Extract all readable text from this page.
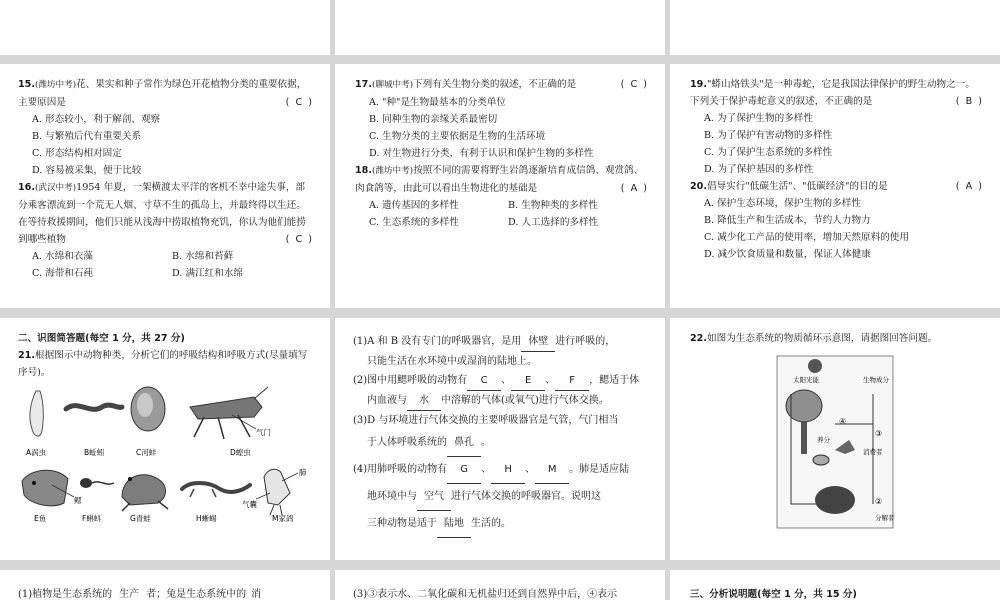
15.(潍坊中考)花、果实和种子常作为绿色开花植物分类的重要依据，主要原因是	(  C  )

A. 形态较小，利于解剖、观察
B. 与繁殖后代有重要关系
C. 形态结构相对固定
D. 容易被采集，便于比较

16.(武汉中考)1954 年夏，一架横渡太平洋的客机不幸中途失事，部分乘客漂流到一个荒无人烟、寸草不生的孤岛上，并最终得以生还。在等待救援期间，他们只能从浅海中捞取植物充饥，你认为他们能捞到哪些植物	(  C  )

A. 水绵和衣藻	B. 水绵和苔藓
C. 海带和石莼	D. 满江红和水绵

17.(聊城中考)下列有关生物分类的叙述，不正确的是	(  C  )

A. "种"是生物最基本的分类单位
B. 同种生物的亲缘关系最密切
C. 生物分类的主要依据是生物的生活环境
D. 对生物进行分类，有利于认识和保护生物的多样性

18.(潍坊中考)按照不同的需要将野生岩鸽逐渐培育成信鸽、观赏鸽、肉食鸽等，由此可以看出生物进化的基础是	(  A  )

A. 遗传基因的多样性	B. 生物种类的多样性
C. 生态系统的多样性	D. 人工选择的多样性

19."蟒山烙铁头"是一种毒蛇，它是我国法律保护的野生动物之一。下列关于保护毒蛇意义的叙述，不正确的是	(  B  )

A. 为了保护生物的多样性
B. 为了保护有害动物的多样性
C. 为了保护生态系统的多样性
D. 为了保护基因的多样性

20.倡导实行"低碳生活"、"低碳经济"的目的是	(  A  )

A. 保护生态环境，保护生物的多样性
B. 降低生产和生活成本，节约人力物力
C. 减少化工产品的使用率，增加天然原料的使用
D. 减少饮食质量和数量，保证人体健康
二、识图简答题(每空 1 分，共 27 分)

21.根据图示中动物种类，分析它们的呼吸结构和呼吸方式(尽量填写序号)。

A涡虫	B蚯蚓	C河蚌
气门
D蝗虫
鳃
E鱼	F蝌蚪	G青蛙	H蜥蜴
肺
气囊
M家鸽
(1)A 和 B 没有专门的呼吸器官，是用 体壁 进行呼吸的，
只能生活在水环境中或湿润的陆地上。
(2)图中用鳃呼吸的动物有 C 、 E 、 F ，鳃适于体
内血液与 水 中溶解的气体(或氧气)进行气体交换。
(3)D 与环境进行气体交换的主要呼吸器官是气管，气门相当
于人体呼吸系统的 鼻孔 。
(4)用肺呼吸的动物有 G 、 H 、 M 。肺是适应陆
地环境中与 空气 进行气体交换的呼吸器官。说明这
三种动物是适于 陆地 生活的。

22.如图为生态系统的物质循环示意图，请据图回答问题。

太阳光能	生物成分
养分
消费者
④
③
②
分解者
(1)植物是生态系统的 生产 者；兔是生态系统中的 消	(3)③表示水、二氧化碳和无机盐归还到自然界中后，④表示	三、分析说明题(每空 1 分，共 15 分)
